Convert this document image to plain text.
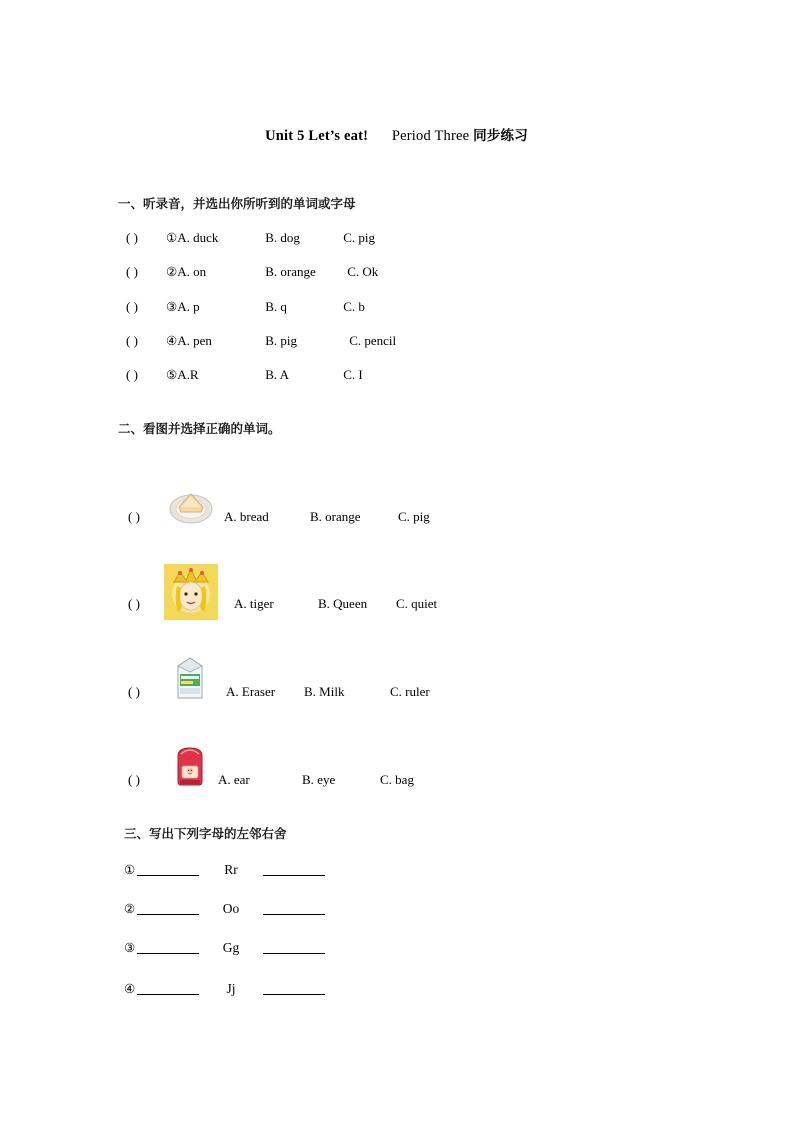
Unit 5 Let’s eat! Period Three 同步练习
一、听录音，并选出你所听到的单词或字母
( ) ①A. duck	B. dog	C. pig
( ) ②A. on	B. orange C. Ok
( ) ③A. p	B. q	C. b
( ) ④A. pen	B. pig	C. pencil
( ) ⑤A.R	B. A	C. I
二、看图并选择正确的单词。
( )	A. bread	B. orange	C. pig
( )	A. tiger	B. Queen C. quiet
( )	A. Eraser B. Milk	C. ruler
( )	A. ear	B. eye	C. bag
三、写出下列字母的左邻右舍
①	Rr
②	Oo
③	Gg
④	Jj
